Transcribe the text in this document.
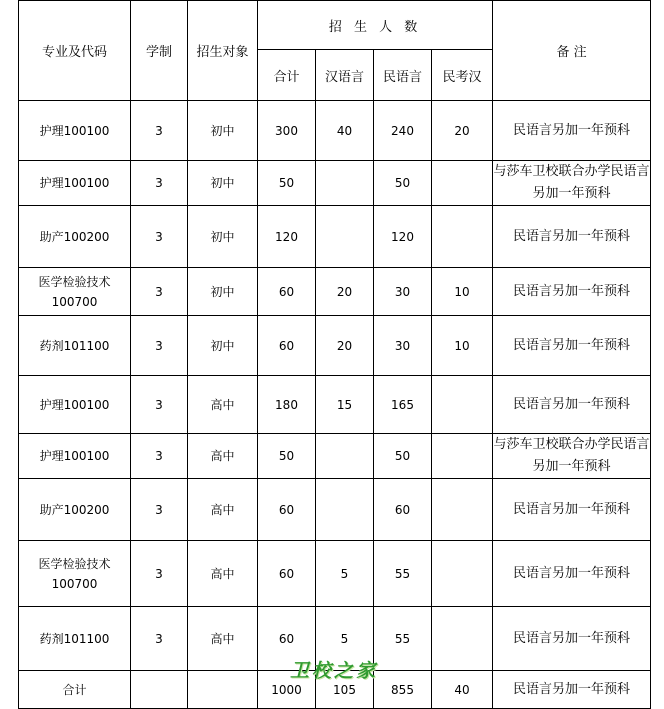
专业及代码	学制	招生对象	招 生 人 数				备 注
			合计	汉语言	民语言	民考汉	
护理100100	3	初中	300	40	240	20	民语言另加一年预科
护理100100	3	初中	50		50		与莎车卫校联合办学民语言另加一年预科
助产100200	3	初中	120		120		民语言另加一年预科
医学检验技术100700	3	初中	60	20	30	10	民语言另加一年预科
药剂101100	3	初中	60	20	30	10	民语言另加一年预科
护理100100	3	高中	180	15	165		民语言另加一年预科
护理100100	3	高中	50		50		与莎车卫校联合办学民语言另加一年预科
助产100200	3	高中	60		60		民语言另加一年预科
医学检验技术100700	3	高中	60	5	55		民语言另加一年预科
药剂101100	3	高中	60	5	55		民语言另加一年预科
合计			1000	105	855	40	民语言另加一年预科
卫校之家
